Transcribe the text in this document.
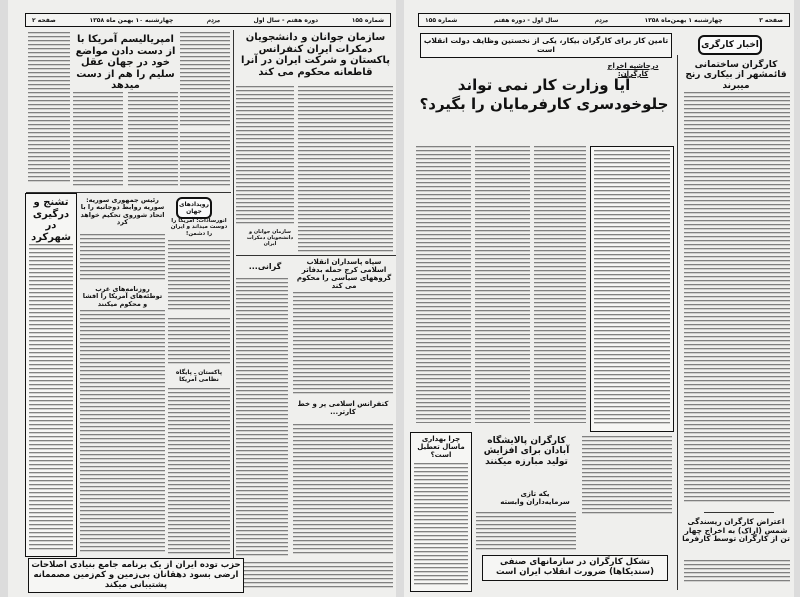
شماره ۱۵۵
دوره هفتم - سال اول
مردم
چهارشنبه ۱۰ بهمن ماه ۱۳۵۸
صفحه ۲
سازمان جوانان و دانشجویان دمکرات ایران کنفرانس پاکستان و شرکت ایران در آنرا قاطعانه محکوم می کند
سازمان جوانان و دانشجویان دمکرات ایران
سپاه پاسداران انقلاب اسلامی کرج حمله بدفاتر گروههای سیاسی را محکوم می کند
گرانی...
کنفرانس اسلامی پر و خط کارتر...
امپریالیسم آمریکا با از دست دادن مواضع خود در جهان عقل سلیم را هم از دست میدهد
رویدادهای جهان
انورسادات: آمریکا را دوست میداند و ایران را دشمن!
پاکستان ـ پایگاه نظامی آمریکا
رئیس جمهوری سوریه: سوریه روابط دوجانبه را با اتحاد شوروی تحکیم خواهد کرد
روزنامه‌های غرب توطئه‌های آمریکا را افشا و محکوم میکنند
تشنج و درگیری در شهرکرد
حزب توده ایران از یک برنامه جامع بنیادی اصلاحات ارضی بسود دهقانان بی‌زمین و کم‌زمین مصممانه پشتیبانی میکند
صفحه ۳
چهارشنبه ۱ بهمن‌ماه ۱۳۵۸
مردم
سال اول - دوره هفتم
شماره ۱۵۵
تامین کار برای کارگران بیکار، یکی از نخستین وظایف دولت انقلاب است	اخبار کارگری
کارگران ساختمانی قائمشهر از بیکاری رنج میبرند
اعتراض کارگران ریسندگی شمس (اراک) به اخراج چهار تن از کارگران توسط کارفرما
درحاشیه اخراج کارگران:
آیا وزارت کار نمی تواند جلوخودسری کارفرمایان را بگیرد؟
چرا بهداری ماسال تعطیل است؟
کارگران پالایشگاه آبادان برای افزایش تولید مبارزه میکنند
یکه تازی سرمایه‌داران وابسته
تشکل کارگران در سازمانهای صنفی (سندیکاها) ضرورت انقلاب ایران است
